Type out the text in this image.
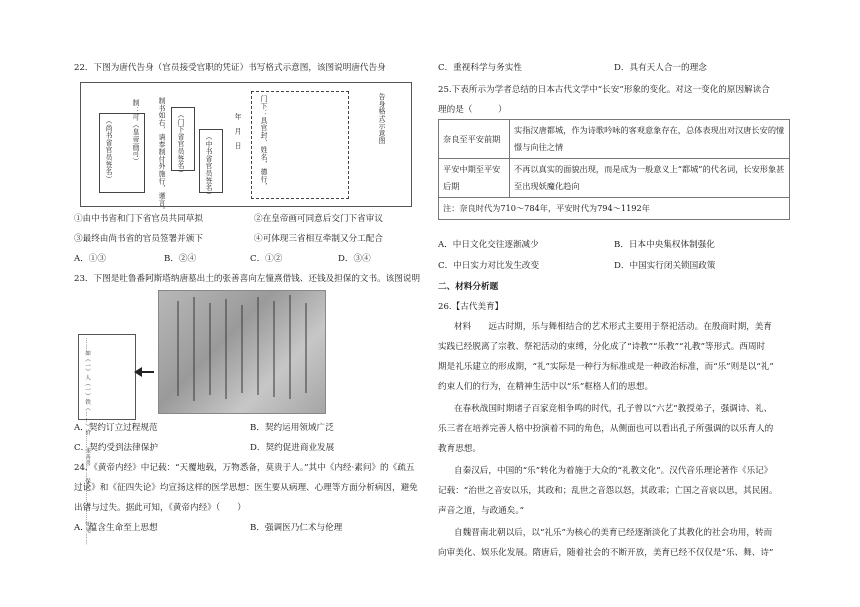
22．下图为唐代告身（官员接受官职的凭证）书写格式示意图，该图说明唐代告身
（尚书省官员签名）	制书如右，请奉制付外施行，谨言。
制：可（皇帝画可）	（门下省官员签名）	（中书省官员签名）
年　月　日	门下：具官封、姓名，德行，	告身格式示意图
①由中书省和门下省官员共同草拟	②在皇帝画可同意后交门下省审议
③最终由尚书省的官员签署并颁下	④可体现三省相互牵制又分工配合
A．①③	B．②④	C．①②	D．③④
23．下图是吐鲁番阿斯塔纳唐墓出土的张善喜向左憧熹借钱、还钱及担保的文书。该图说明
……如（一）人（一）铁（……）价……张善喜……保人……女……知见……
A．契约订立过程规范	B．契约运用领域广泛
C．契约受到法律保护	D．契约促进商业发展
24．《黄帝内经》中记载：“天覆地载，万物悉备，莫贵于人。”其中《内经·素问》的《疏五
过论》和《征四失论》均宣扬这样的医学思想：医生要从病理、心理等方面分析病因，避免
出错与过失。据此可知，《黄帝内经》（　　）
A．蕴含生命至上思想	B．强调医乃仁术与伦理
C．重视科学与务实性	D．具有天人合一的理念
25.下表所示为学者总结的日本古代文学中“长安”形象的变化。对这一变化的原因解读合
理的是（　　　）
奈良至平安前期	实指汉唐都城，作为诗歌吟咏的客观意象存在，总体表现出对汉唐长安的憧憬与向往之情
平安中期至平安后期	不再以真实的面貌出现，而是成为一般意义上“都城”的代名词，长安形象甚至出现妖魔化趋向
注：奈良时代为710～784年，平安时代为794～1192年	
A．中日文化交往逐渐减少	B．日本中央集权体制强化
C．中日实力对比发生改变	D．中国实行闭关锁国政策
二、材料分析题
26.【古代美育】
材料　　远古时期，乐与舞相结合的艺术形式主要用于祭祀活动。在殷商时期，美育
实践已经脱离了宗教、祭祀活动的束缚，分化成了“诗教”“乐教”“礼教”等形式。西周时
期是礼乐建立的形成期，“礼”实际是一种行为标准或是一种政治标准，而“乐”则是以“礼”
约束人们的行为，在精神生活中以“乐”框格人们的思想。
在春秋战国时期诸子百家竞相争鸣的时代，孔子曾以“六艺”教授弟子，强调诗、礼、
乐三者在培养完善人格中扮演着不同的角色，从侧面也可以看出孔子所强调的以乐育人的
教育思想。
自秦汉后，中国的“乐”转化为着施于大众的“礼教文化”。汉代音乐理论著作《乐记》
记载：“治世之音安以乐，其政和；乱世之音怨以怒，其政乖；亡国之音哀以思，其民困。
声音之道，与政通矣。”
自魏晋南北朝以后，以“礼乐”为核心的美育已经逐渐淡化了其教化的社会功用，转而
向审美化、娱乐化发展。隋唐后，随着社会的不断开放，美育已经不仅仅是“乐、舞、诗”
